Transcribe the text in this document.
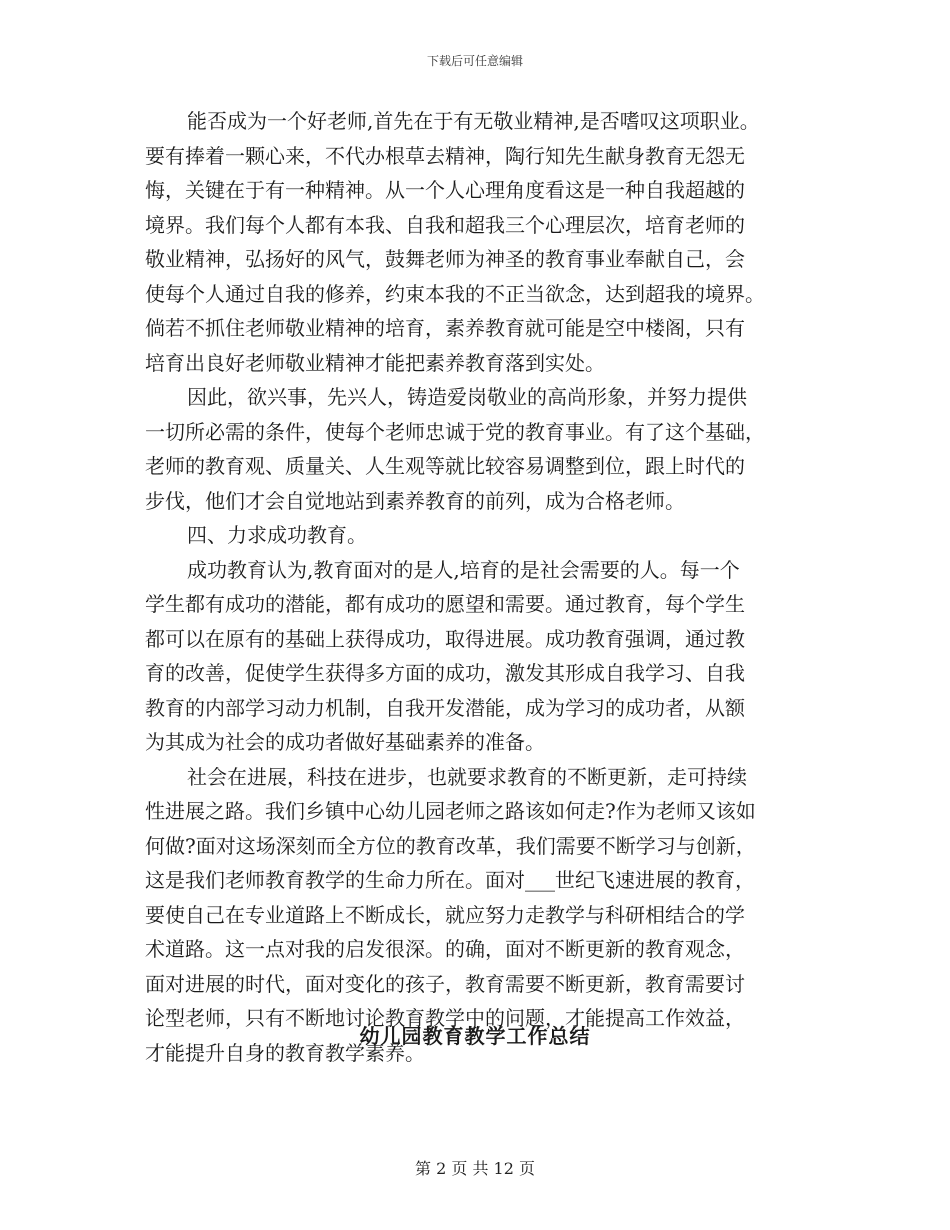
下载后可任意编辑
能否成为一个好老师,首先在于有无敬业精神,是否嗜叹这项职业。
要有捧着一颗心来，不代办根草去精神，陶行知先生献身教育无怨无
悔，关键在于有一种精神。从一个人心理角度看这是一种自我超越的
境界。我们每个人都有本我、自我和超我三个心理层次，培育老师的
敬业精神，弘扬好的风气，鼓舞老师为神圣的教育事业奉献自己，会
使每个人通过自我的修养，约束本我的不正当欲念，达到超我的境界。
倘若不抓住老师敬业精神的培育，素养教育就可能是空中楼阁，只有
培育出良好老师敬业精神才能把素养教育落到实处。
因此，欲兴事，先兴人，铸造爱岗敬业的高尚形象，并努力提供
一切所必需的条件，使每个老师忠诚于党的教育事业。有了这个基础，
老师的教育观、质量关、人生观等就比较容易调整到位，跟上时代的
步伐，他们才会自觉地站到素养教育的前列，成为合格老师。
四、力求成功教育。
成功教育认为,教育面对的是人,培育的是社会需要的人。每一个
学生都有成功的潜能，都有成功的愿望和需要。通过教育，每个学生
都可以在原有的基础上获得成功，取得进展。成功教育强调，通过教
育的改善，促使学生获得多方面的成功，激发其形成自我学习、自我
教育的内部学习动力机制，自我开发潜能，成为学习的成功者，从额
为其成为社会的成功者做好基础素养的准备。
社会在进展，科技在进步，也就要求教育的不断更新，走可持续
性进展之路。我们乡镇中心幼儿园老师之路该如何走?作为老师又该如
何做?面对这场深刻而全方位的教育改革，我们需要不断学习与创新，
这是我们老师教育教学的生命力所在。面对___世纪飞速进展的教育，
要使自己在专业道路上不断成长，就应努力走教学与科研相结合的学
术道路。这一点对我的启发很深。的确，面对不断更新的教育观念，
面对进展的时代，面对变化的孩子，教育需要不断更新，教育需要讨
论型老师，只有不断地讨论教育教学中的问题，才能提高工作效益，
才能提升自身的教育教学素养。
幼儿园教育教学工作总结
第 2 页 共 12 页
